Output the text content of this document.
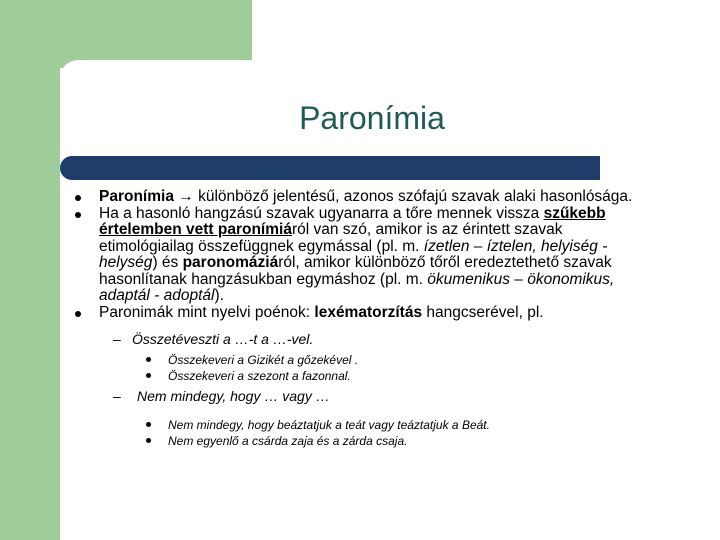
Paronímia
Paronímia → különböző jelentésű, azonos szófajú szavak alaki hasonlósága.
Ha a hasonló hangzású szavak ugyanarra a tőre mennek vissza szűkebb értelemben vett paronímiáról van szó, amikor is az érintett szavak etimológiailag összefüggnek egymással (pl. m. ízetlen – íztelen, helyiség - helység) és paronomáziáról, amikor különböző tőről eredeztethető szavak hasonlítanak hangzásukban egymáshoz (pl. m. ökumenikus – ökonomikus, adaptál - adoptál).
Paronimák mint nyelvi poénok: lexématorzítás hangcserével, pl.
– Összetéveszti a …-t a …-vel.
Összekeveri a Gizikét a gőzekével .
Összekeveri a szezont a fazonnal.
– Nem mindegy, hogy … vagy …
Nem mindegy, hogy beáztatjuk a teát vagy teáztatjuk a Beát.
Nem egyenlő a csárda zaja és a zárda csaja.
